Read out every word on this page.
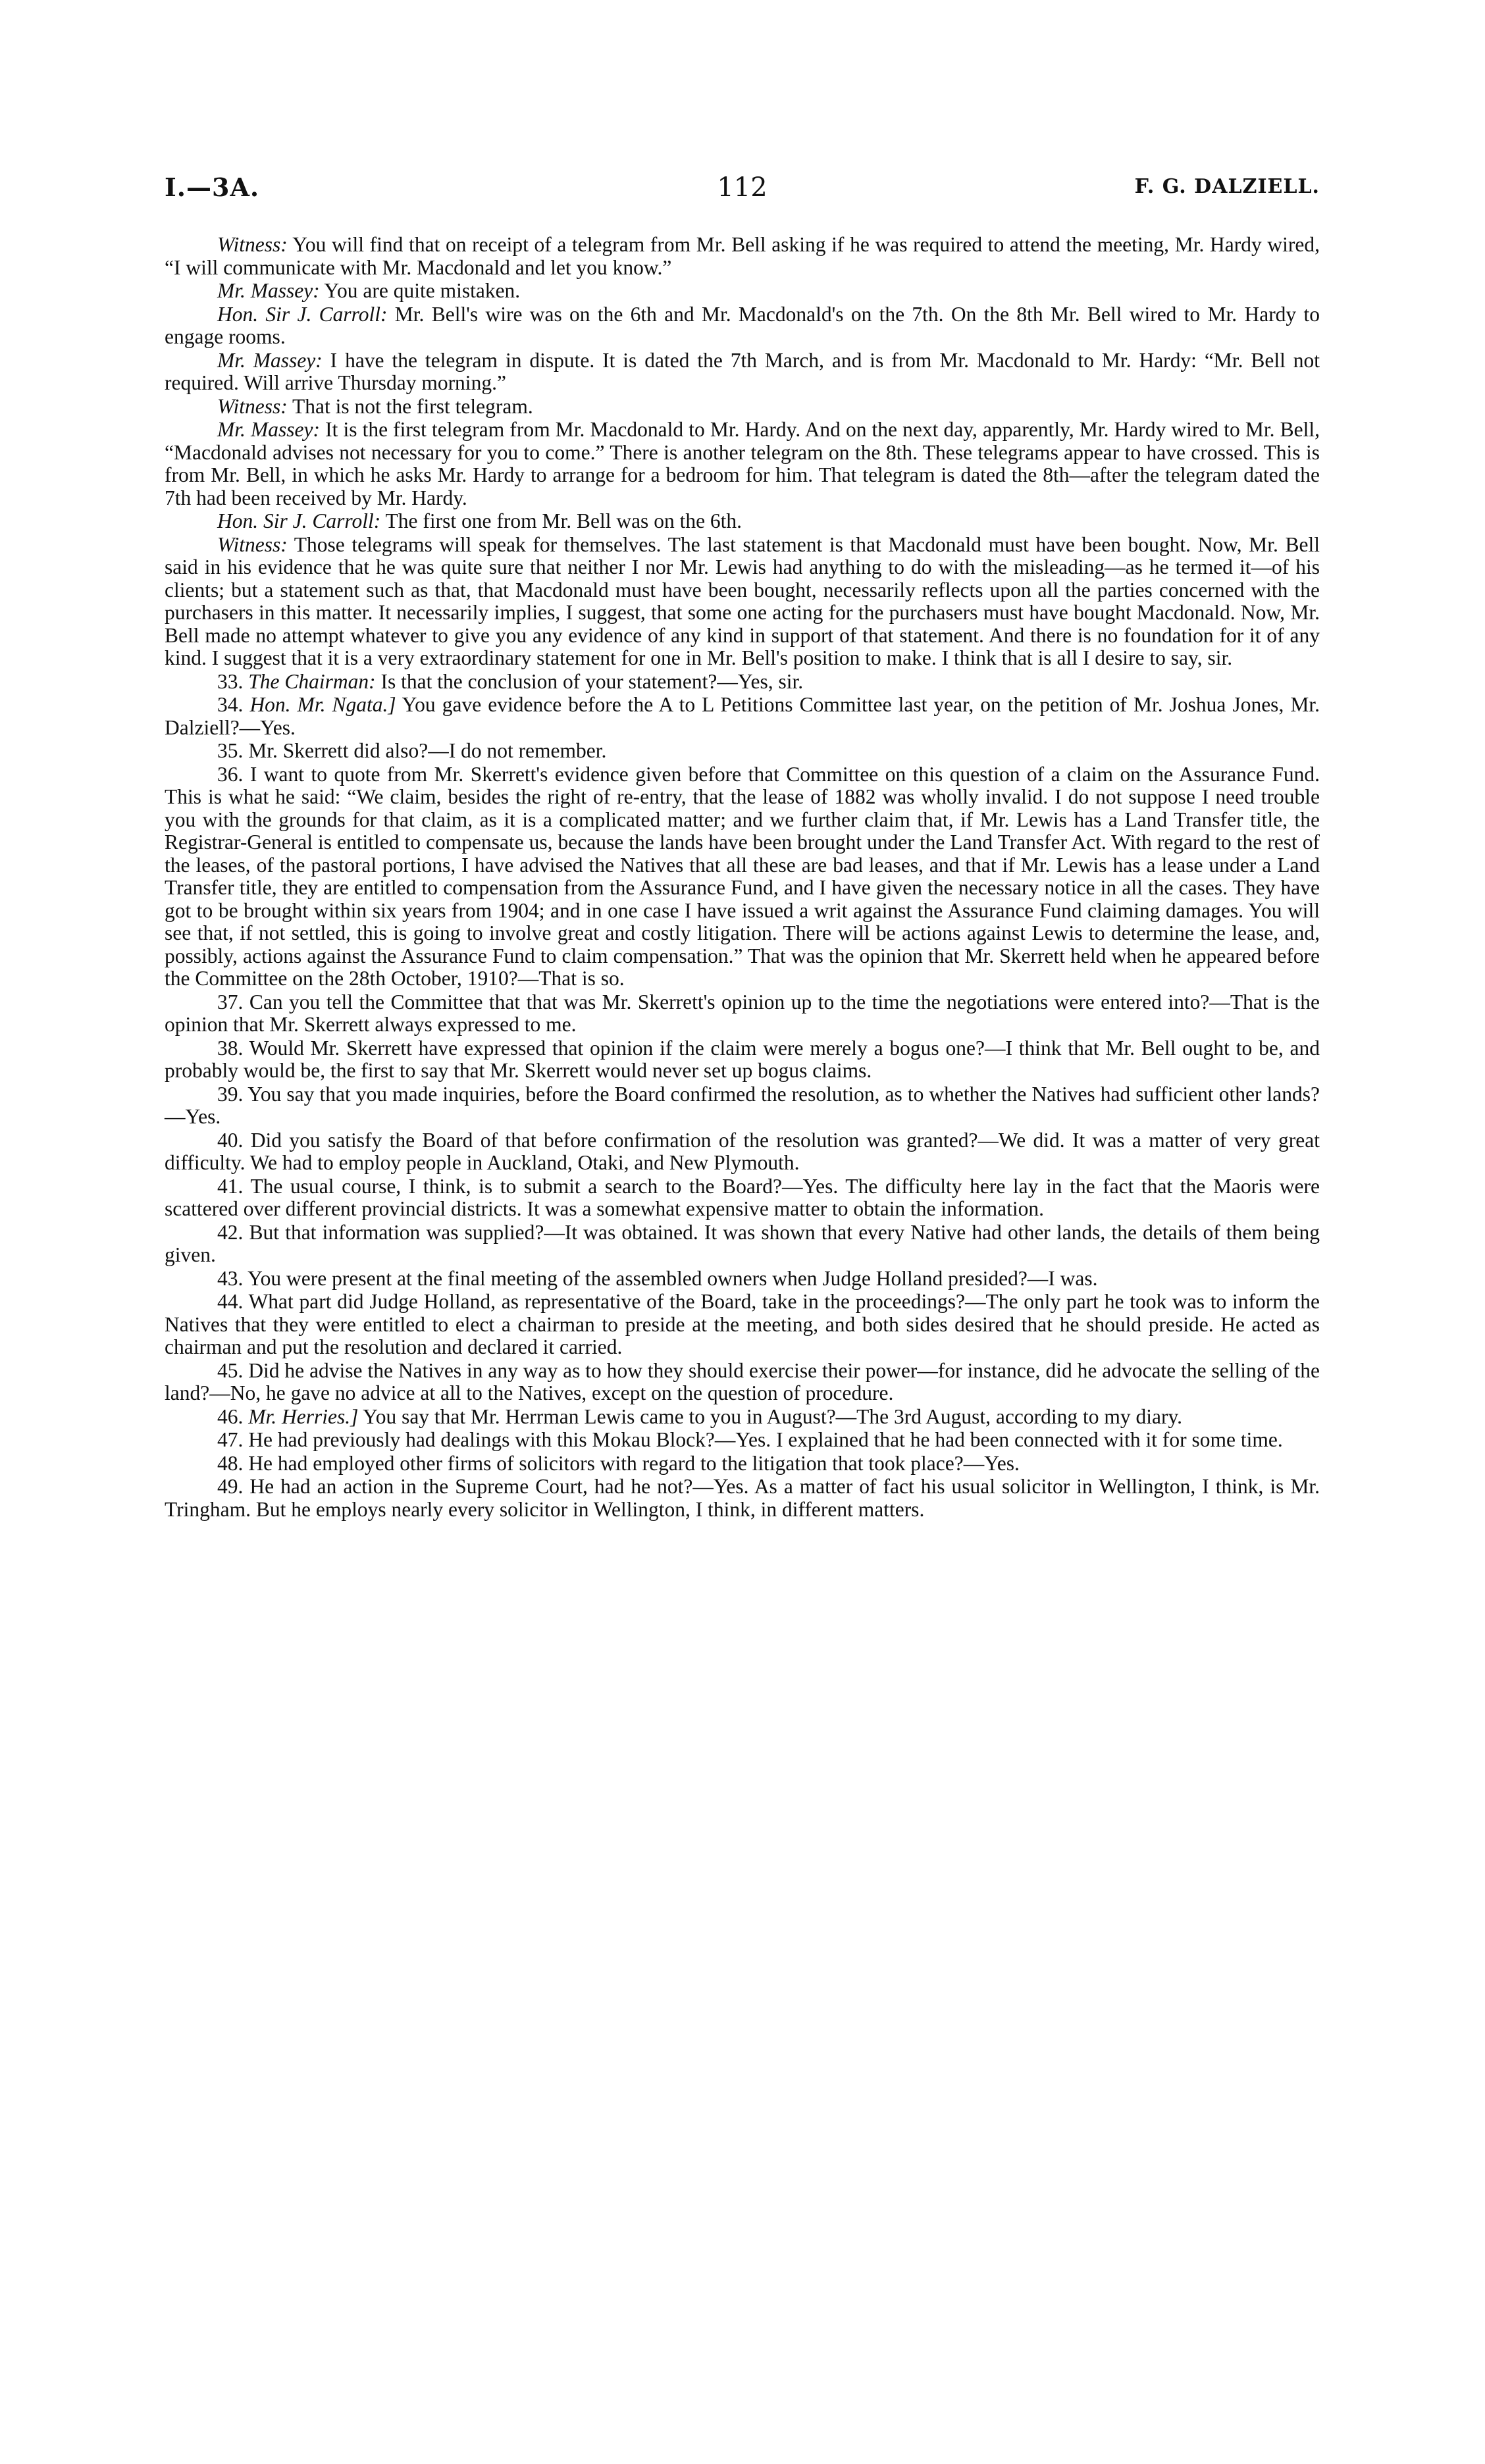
I.—3A.	112	F. G. DALZIELL.

Witness: You will find that on receipt of a telegram from Mr. Bell asking if he was required to attend the meeting, Mr. Hardy wired, “I will communicate with Mr. Macdonald and let you know.”

Mr. Massey: You are quite mistaken.

Hon. Sir J. Carroll: Mr. Bell's wire was on the 6th and Mr. Macdonald's on the 7th. On the 8th Mr. Bell wired to Mr. Hardy to engage rooms.

Mr. Massey: I have the telegram in dispute. It is dated the 7th March, and is from Mr. Macdonald to Mr. Hardy: “Mr. Bell not required. Will arrive Thursday morning.”

Witness: That is not the first telegram.

Mr. Massey: It is the first telegram from Mr. Macdonald to Mr. Hardy. And on the next day, apparently, Mr. Hardy wired to Mr. Bell, “Macdonald advises not necessary for you to come.” There is another telegram on the 8th. These telegrams appear to have crossed. This is from Mr. Bell, in which he asks Mr. Hardy to arrange for a bedroom for him. That telegram is dated the 8th—after the telegram dated the 7th had been received by Mr. Hardy.

Hon. Sir J. Carroll: The first one from Mr. Bell was on the 6th.

Witness: Those telegrams will speak for themselves. The last statement is that Macdonald must have been bought. Now, Mr. Bell said in his evidence that he was quite sure that neither I nor Mr. Lewis had anything to do with the misleading—as he termed it—of his clients; but a statement such as that, that Macdonald must have been bought, necessarily reflects upon all the parties concerned with the purchasers in this matter. It necessarily implies, I suggest, that some one acting for the purchasers must have bought Macdonald. Now, Mr. Bell made no attempt whatever to give you any evidence of any kind in support of that statement. And there is no foundation for it of any kind. I suggest that it is a very extraordinary statement for one in Mr. Bell's position to make. I think that is all I desire to say, sir.

33. The Chairman: Is that the conclusion of your statement?—Yes, sir.

34. Hon. Mr. Ngata.] You gave evidence before the A to L Petitions Committee last year, on the petition of Mr. Joshua Jones, Mr. Dalziell?—Yes.

35. Mr. Skerrett did also?—I do not remember.

36. I want to quote from Mr. Skerrett's evidence given before that Committee on this question of a claim on the Assurance Fund. This is what he said: “We claim, besides the right of re-entry, that the lease of 1882 was wholly invalid. I do not suppose I need trouble you with the grounds for that claim, as it is a complicated matter; and we further claim that, if Mr. Lewis has a Land Transfer title, the Registrar-General is entitled to compensate us, because the lands have been brought under the Land Transfer Act. With regard to the rest of the leases, of the pastoral portions, I have advised the Natives that all these are bad leases, and that if Mr. Lewis has a lease under a Land Transfer title, they are entitled to compensation from the Assurance Fund, and I have given the necessary notice in all the cases. They have got to be brought within six years from 1904; and in one case I have issued a writ against the Assurance Fund claiming damages. You will see that, if not settled, this is going to involve great and costly litigation. There will be actions against Lewis to determine the lease, and, possibly, actions against the Assurance Fund to claim compensation.” That was the opinion that Mr. Skerrett held when he appeared before the Committee on the 28th October, 1910?—That is so.

37. Can you tell the Committee that that was Mr. Skerrett's opinion up to the time the negotiations were entered into?—That is the opinion that Mr. Skerrett always expressed to me.

38. Would Mr. Skerrett have expressed that opinion if the claim were merely a bogus one?—I think that Mr. Bell ought to be, and probably would be, the first to say that Mr. Skerrett would never set up bogus claims.

39. You say that you made inquiries, before the Board confirmed the resolution, as to whether the Natives had sufficient other lands?—Yes.

40. Did you satisfy the Board of that before confirmation of the resolution was granted?—We did. It was a matter of very great difficulty. We had to employ people in Auckland, Otaki, and New Plymouth.

41. The usual course, I think, is to submit a search to the Board?—Yes. The difficulty here lay in the fact that the Maoris were scattered over different provincial districts. It was a somewhat expensive matter to obtain the information.

42. But that information was supplied?—It was obtained. It was shown that every Native had other lands, the details of them being given.

43. You were present at the final meeting of the assembled owners when Judge Holland presided?—I was.

44. What part did Judge Holland, as representative of the Board, take in the proceedings?—The only part he took was to inform the Natives that they were entitled to elect a chairman to preside at the meeting, and both sides desired that he should preside. He acted as chairman and put the resolution and declared it carried.

45. Did he advise the Natives in any way as to how they should exercise their power—for instance, did he advocate the selling of the land?—No, he gave no advice at all to the Natives, except on the question of procedure.

46. Mr. Herries.] You say that Mr. Herrman Lewis came to you in August?—The 3rd August, according to my diary.

47. He had previously had dealings with this Mokau Block?—Yes. I explained that he had been connected with it for some time.

48. He had employed other firms of solicitors with regard to the litigation that took place?—Yes.

49. He had an action in the Supreme Court, had he not?—Yes. As a matter of fact his usual solicitor in Wellington, I think, is Mr. Tringham. But he employs nearly every solicitor in Wellington, I think, in different matters.
